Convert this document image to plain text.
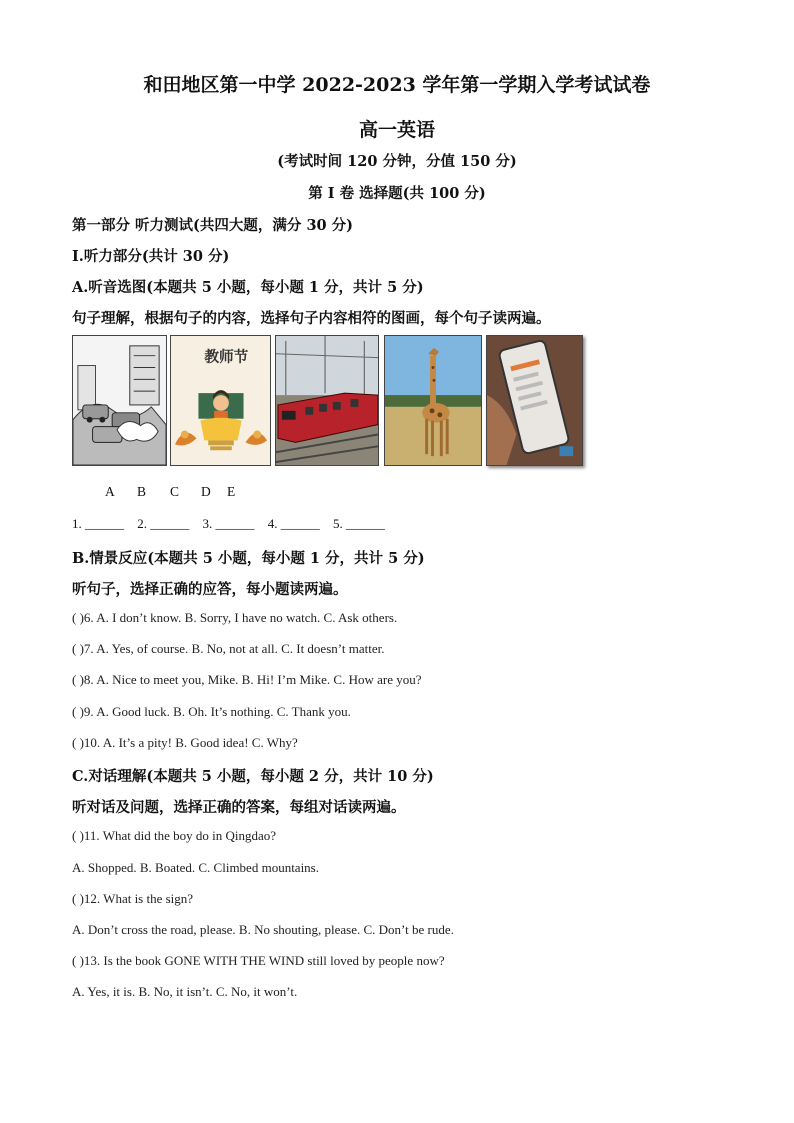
和田地区第一中学 2022-2023 学年第一学期入学考试试卷
高一英语
(考试时间 120 分钟，分值 150 分)
第 I 卷 选择题(共 100 分)
第一部分 听力测试(共四大题，满分 30 分)
I.听力部分(共计 30 分)
A.听音选图(本题共 5 小题，每小题 1 分，共计 5 分)
句子理解，根据句子的内容，选择句子内容相符的图画，每个句子读两遍。
教师节
A B C D E
1. ______ 2. ______ 3. ______ 4. ______ 5. ______
B.情景反应(本题共 5 小题，每小题 1 分，共计 5 分)
听句子，选择正确的应答，每小题读两遍。
( )6. A. I don’t know. B. Sorry, I have no watch. C. Ask others.
( )7. A. Yes, of course. B. No, not at all. C. It doesn’t matter.
( )8. A. Nice to meet you, Mike. B. Hi! I’m Mike. C. How are you?
( )9. A. Good luck. B. Oh. It’s nothing. C. Thank you.
( )10. A. It’s a pity! B. Good idea! C. Why?
C.对话理解(本题共 5 小题，每小题 2 分，共计 10 分)
听对话及问题，选择正确的答案，每组对话读两遍。
( )11. What did the boy do in Qingdao?
A. Shopped. B. Boated. C. Climbed mountains.
( )12. What is the sign?
A. Don’t cross the road, please. B. No shouting, please. C. Don’t be rude.
( )13. Is the book GONE WITH THE WIND still loved by people now?
A. Yes, it is. B. No, it isn’t. C. No, it won’t.
